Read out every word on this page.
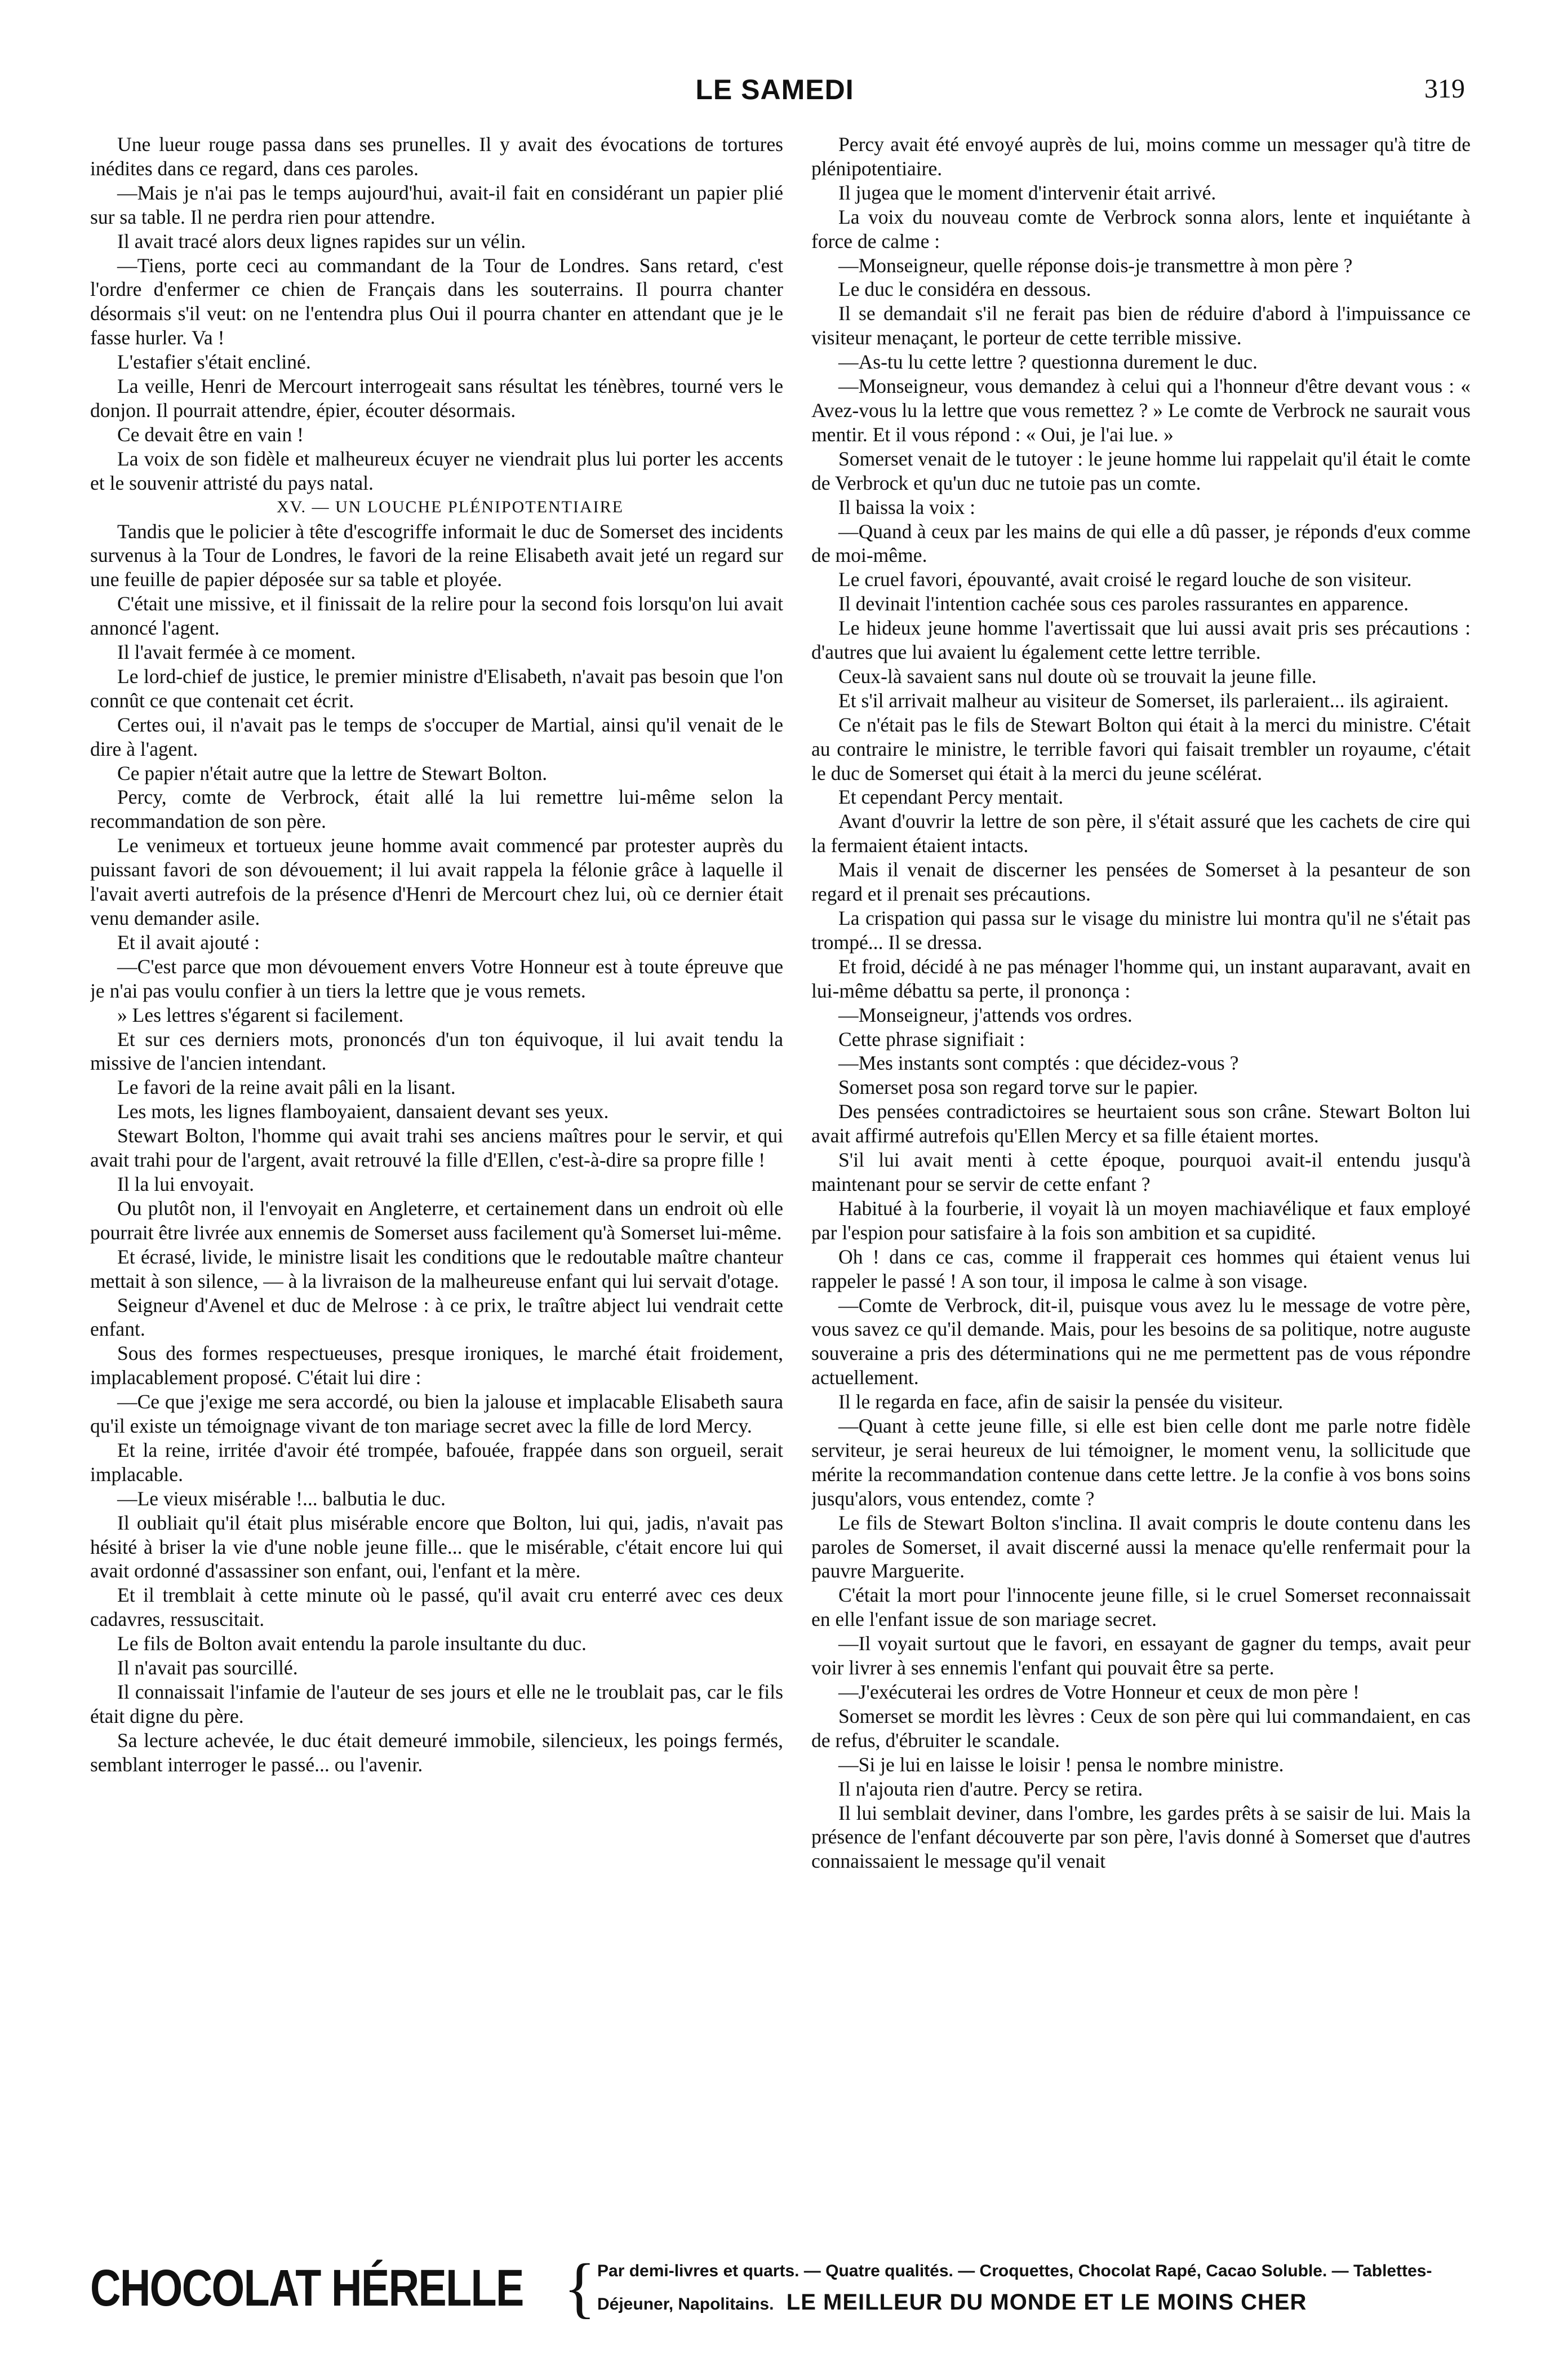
LE SAMEDI	319

Une lueur rouge passa dans ses prunelles. Il y avait des évocations de tortures inédites dans ce regard, dans ces paroles.

—Mais je n'ai pas le temps aujourd'hui, avait-il fait en considérant un papier plié sur sa table. Il ne perdra rien pour attendre.

Il avait tracé alors deux lignes rapides sur un vélin.

—Tiens, porte ceci au commandant de la Tour de Londres. Sans retard, c'est l'ordre d'enfermer ce chien de Français dans les souterrains. Il pourra chanter désormais s'il veut: on ne l'entendra plus Oui il pourra chanter en attendant que je le fasse hurler. Va !

L'estafier s'était encliné.

La veille, Henri de Mercourt interrogeait sans résultat les ténèbres, tourné vers le donjon. Il pourrait attendre, épier, écouter désormais.

Ce devait être en vain !

La voix de son fidèle et malheureux écuyer ne viendrait plus lui porter les accents et le souvenir attristé du pays natal.

XV. — UN LOUCHE PLÉNIPOTENTIAIRE

Tandis que le policier à tête d'escogriffe informait le duc de Somerset des incidents survenus à la Tour de Londres, le favori de la reine Elisabeth avait jeté un regard sur une feuille de papier déposée sur sa table et ployée.

C'était une missive, et il finissait de la relire pour la second fois lorsqu'on lui avait annoncé l'agent.

Il l'avait fermée à ce moment.

Le lord-chief de justice, le premier ministre d'Elisabeth, n'avait pas besoin que l'on connût ce que contenait cet écrit.

Certes oui, il n'avait pas le temps de s'occuper de Martial, ainsi qu'il venait de le dire à l'agent.

Ce papier n'était autre que la lettre de Stewart Bolton.

Percy, comte de Verbrock, était allé la lui remettre lui-même selon la recommandation de son père.

Le venimeux et tortueux jeune homme avait commencé par protester auprès du puissant favori de son dévouement; il lui avait rappela la félonie grâce à laquelle il l'avait averti autrefois de la présence d'Henri de Mercourt chez lui, où ce dernier était venu demander asile.

Et il avait ajouté :

—C'est parce que mon dévouement envers Votre Honneur est à toute épreuve que je n'ai pas voulu confier à un tiers la lettre que je vous remets.

» Les lettres s'égarent si facilement.

Et sur ces derniers mots, prononcés d'un ton équivoque, il lui avait tendu la missive de l'ancien intendant.

Le favori de la reine avait pâli en la lisant.

Les mots, les lignes flamboyaient, dansaient devant ses yeux.

Stewart Bolton, l'homme qui avait trahi ses anciens maîtres pour le servir, et qui avait trahi pour de l'argent, avait retrouvé la fille d'Ellen, c'est-à-dire sa propre fille !

Il la lui envoyait.

Ou plutôt non, il l'envoyait en Angleterre, et certainement dans un endroit où elle pourrait être livrée aux ennemis de Somerset auss facilement qu'à Somerset lui-même.

Et écrasé, livide, le ministre lisait les conditions que le redoutable maître chanteur mettait à son silence, — à la livraison de la malheureuse enfant qui lui servait d'otage.

Seigneur d'Avenel et duc de Melrose : à ce prix, le traître abject lui vendrait cette enfant.

Sous des formes respectueuses, presque ironiques, le marché était froidement, implacablement proposé. C'était lui dire :

—Ce que j'exige me sera accordé, ou bien la jalouse et implacable Elisabeth saura qu'il existe un témoignage vivant de ton mariage secret avec la fille de lord Mercy.

Et la reine, irritée d'avoir été trompée, bafouée, frappée dans son orgueil, serait implacable.

—Le vieux misérable !... balbutia le duc.

Il oubliait qu'il était plus misérable encore que Bolton, lui qui, jadis, n'avait pas hésité à briser la vie d'une noble jeune fille... que le misérable, c'était encore lui qui avait ordonné d'assassiner son enfant, oui, l'enfant et la mère.

Et il tremblait à cette minute où le passé, qu'il avait cru enterré avec ces deux cadavres, ressuscitait.

Le fils de Bolton avait entendu la parole insultante du duc.

Il n'avait pas sourcillé.

Il connaissait l'infamie de l'auteur de ses jours et elle ne le troublait pas, car le fils était digne du père.

Sa lecture achevée, le duc était demeuré immobile, silencieux, les poings fermés, semblant interroger le passé... ou l'avenir.

Percy avait été envoyé auprès de lui, moins comme un messager qu'à titre de plénipotentiaire.

Il jugea que le moment d'intervenir était arrivé.

La voix du nouveau comte de Verbrock sonna alors, lente et inquiétante à force de calme :

—Monseigneur, quelle réponse dois-je transmettre à mon père ?

Le duc le considéra en dessous.

Il se demandait s'il ne ferait pas bien de réduire d'abord à l'impuissance ce visiteur menaçant, le porteur de cette terrible missive.

—As-tu lu cette lettre ? questionna durement le duc.

—Monseigneur, vous demandez à celui qui a l'honneur d'être devant vous : « Avez-vous lu la lettre que vous remettez ? » Le comte de Verbrock ne saurait vous mentir. Et il vous répond : « Oui, je l'ai lue. »

Somerset venait de le tutoyer : le jeune homme lui rappelait qu'il était le comte de Verbrock et qu'un duc ne tutoie pas un comte.

Il baissa la voix :

—Quand à ceux par les mains de qui elle a dû passer, je réponds d'eux comme de moi-même.

Le cruel favori, épouvanté, avait croisé le regard louche de son visiteur.

Il devinait l'intention cachée sous ces paroles rassurantes en apparence.

Le hideux jeune homme l'avertissait que lui aussi avait pris ses précautions : d'autres que lui avaient lu également cette lettre terrible.

Ceux-là savaient sans nul doute où se trouvait la jeune fille.

Et s'il arrivait malheur au visiteur de Somerset, ils parleraient... ils agiraient.

Ce n'était pas le fils de Stewart Bolton qui était à la merci du ministre. C'était au contraire le ministre, le terrible favori qui faisait trembler un royaume, c'était le duc de Somerset qui était à la merci du jeune scélérat.

Et cependant Percy mentait.

Avant d'ouvrir la lettre de son père, il s'était assuré que les cachets de cire qui la fermaient étaient intacts.

Mais il venait de discerner les pensées de Somerset à la pesanteur de son regard et il prenait ses précautions.

La crispation qui passa sur le visage du ministre lui montra qu'il ne s'était pas trompé... Il se dressa.

Et froid, décidé à ne pas ménager l'homme qui, un instant auparavant, avait en lui-même débattu sa perte, il prononça :

—Monseigneur, j'attends vos ordres.

Cette phrase signifiait :

—Mes instants sont comptés : que décidez-vous ?

Somerset posa son regard torve sur le papier.

Des pensées contradictoires se heurtaient sous son crâne. Stewart Bolton lui avait affirmé autrefois qu'Ellen Mercy et sa fille étaient mortes.

S'il lui avait menti à cette époque, pourquoi avait-il entendu jusqu'à maintenant pour se servir de cette enfant ?

Habitué à la fourberie, il voyait là un moyen machiavélique et faux employé par l'espion pour satisfaire à la fois son ambition et sa cupidité.

Oh ! dans ce cas, comme il frapperait ces hommes qui étaient venus lui rappeler le passé ! A son tour, il imposa le calme à son visage.

—Comte de Verbrock, dit-il, puisque vous avez lu le message de votre père, vous savez ce qu'il demande. Mais, pour les besoins de sa politique, notre auguste souveraine a pris des déterminations qui ne me permettent pas de vous répondre actuellement.

Il le regarda en face, afin de saisir la pensée du visiteur.

—Quant à cette jeune fille, si elle est bien celle dont me parle notre fidèle serviteur, je serai heureux de lui témoigner, le moment venu, la sollicitude que mérite la recommandation contenue dans cette lettre. Je la confie à vos bons soins jusqu'alors, vous entendez, comte ?

Le fils de Stewart Bolton s'inclina. Il avait compris le doute contenu dans les paroles de Somerset, il avait discerné aussi la menace qu'elle renfermait pour la pauvre Marguerite.

C'était la mort pour l'innocente jeune fille, si le cruel Somerset reconnaissait en elle l'enfant issue de son mariage secret.

—Il voyait surtout que le favori, en essayant de gagner du temps, avait peur voir livrer à ses ennemis l'enfant qui pouvait être sa perte.

—J'exécuterai les ordres de Votre Honneur et ceux de mon père !

Somerset se mordit les lèvres : Ceux de son père qui lui commandaient, en cas de refus, d'ébruiter le scandale.

—Si je lui en laisse le loisir ! pensa le nombre ministre.

Il n'ajouta rien d'autre. Percy se retira.

Il lui semblait deviner, dans l'ombre, les gardes prêts à se saisir de lui. Mais la présence de l'enfant découverte par son père, l'avis donné à Somerset que d'autres connaissaient le message qu'il venait

CHOCOLAT HÉRELLE { Par demi-livres et quarts. — Quatre qualités. — Croquettes, Chocolat Rapé, Cacao Soluble. — Tablettes-
Déjeuner, Napolitains. LE MEILLEUR DU MONDE ET LE MOINS CHER
